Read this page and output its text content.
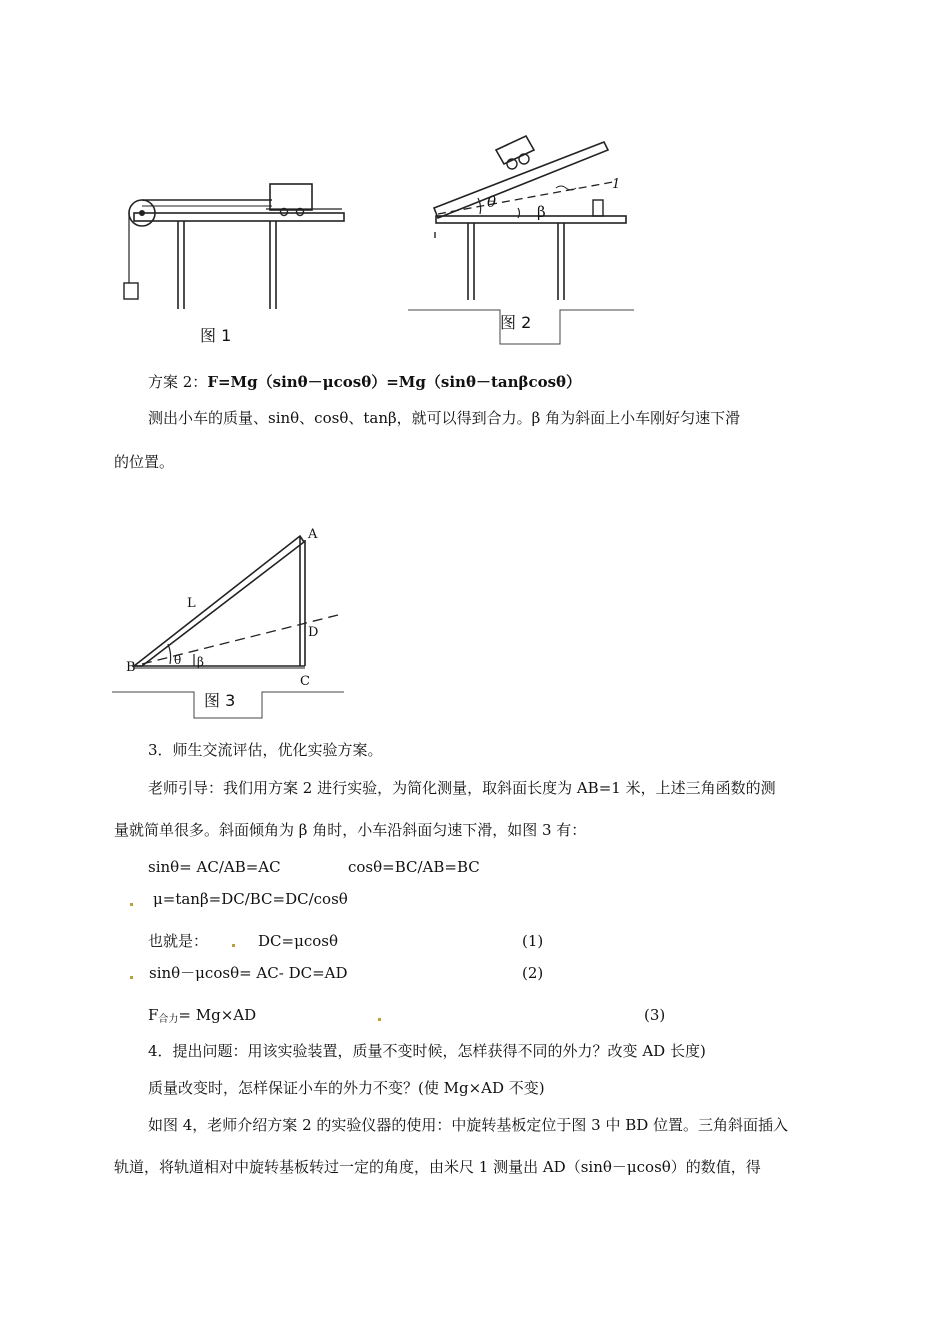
图 1
1
θ
β
图 2
方案 2：F=Mg（sinθ－μcosθ）=Mg（sinθ－tanβcosθ）
测出小车的质量、sinθ、cosθ、tanβ，就可以得到合力。β 角为斜面上小车刚好匀速下滑
的位置。
A
B
C
D
L
θ β
图 3
3．师生交流评估，优化实验方案。
老师引导：我们用方案 2 进行实验，为简化测量，取斜面长度为 AB=1 米，上述三角函数的测
量就简单很多。斜面倾角为 β 角时，小车沿斜面匀速下滑，如图 3 有：
sinθ= AC/AB=AC	cosθ=BC/AB=BC
μ=tanβ=DC/BC=DC/cosθ
也就是：	DC=μcosθ	(1)
sinθ－μcosθ= AC- DC=AD	(2)
$F_{合力}= Mg\times AD$	(3)
4．提出问题：用该实验装置，质量不变时候，怎样获得不同的外力？改变 AD 长度)
质量改变时，怎样保证小车的外力不变？(使 Mg×AD 不变)
如图 4，老师介绍方案 2 的实验仪器的使用：中旋转基板定位于图 3 中 BD 位置。三角斜面插入
轨道，将轨道相对中旋转基板转过一定的角度，由米尺 1 测量出 AD（sinθ－μcosθ）的数值，得
